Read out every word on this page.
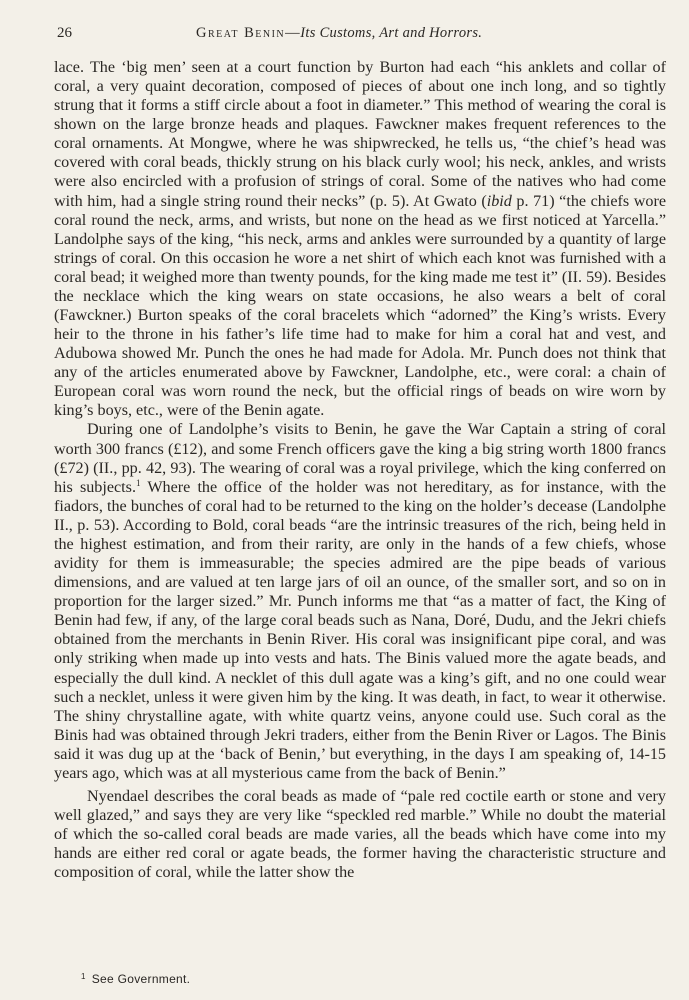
26	Great Benin—Its Customs, Art and Horrors.

lace. The ‘big men’ seen at a court function by Burton had each “his anklets and collar of coral, a very quaint decoration, composed of pieces of about one inch long, and so tightly strung that it forms a stiff circle about a foot in diameter.” This method of wearing the coral is shown on the large bronze heads and plaques. Fawckner makes frequent references to the coral ornaments. At Mongwe, where he was shipwrecked, he tells us, “the chief’s head was covered with coral beads, thickly strung on his black curly wool; his neck, ankles, and wrists were also encircled with a profusion of strings of coral. Some of the natives who had come with him, had a single string round their necks” (p. 5). At Gwato (ibid p. 71) “the chiefs wore coral round the neck, arms, and wrists, but none on the head as we first noticed at Yarcella.” Landolphe says of the king, “his neck, arms and ankles were surrounded by a quantity of large strings of coral. On this occasion he wore a net shirt of which each knot was furnished with a coral bead; it weighed more than twenty pounds, for the king made me test it” (II. 59). Besides the necklace which the king wears on state occasions, he also wears a belt of coral (Fawckner.) Burton speaks of the coral bracelets which “adorned” the King’s wrists. Every heir to the throne in his father’s life time had to make for him a coral hat and vest, and Adubowa showed Mr. Punch the ones he had made for Adola. Mr. Punch does not think that any of the articles enumerated above by Fawckner, Landolphe, etc., were coral: a chain of European coral was worn round the neck, but the official rings of beads on wire worn by king’s boys, etc., were of the Benin agate.

During one of Landolphe’s visits to Benin, he gave the War Captain a string of coral worth 300 francs (£12), and some French officers gave the king a big string worth 1800 francs (£72) (II., pp. 42, 93). The wearing of coral was a royal privilege, which the king conferred on his subjects.$^1$ Where the office of the holder was not hereditary, as for instance, with the fiadors, the bunches of coral had to be returned to the king on the holder’s decease (Landolphe II., p. 53). According to Bold, coral beads “are the intrinsic treasures of the rich, being held in the highest estimation, and from their rarity, are only in the hands of a few chiefs, whose avidity for them is immeasurable; the species admired are the pipe beads of various dimensions, and are valued at ten large jars of oil an ounce, of the smaller sort, and so on in proportion for the larger sized.” Mr. Punch informs me that “as a matter of fact, the King of Benin had few, if any, of the large coral beads such as Nana, Doré, Dudu, and the Jekri chiefs obtained from the merchants in Benin River. His coral was insignificant pipe coral, and was only striking when made up into vests and hats. The Binis valued more the agate beads, and especially the dull kind. A necklet of this dull agate was a king’s gift, and no one could wear such a necklet, unless it were given him by the king. It was death, in fact, to wear it otherwise. The shiny chrystalline agate, with white quartz veins, anyone could use. Such coral as the Binis had was obtained through Jekri traders, either from the Benin River or Lagos. The Binis said it was dug up at the ‘back of Benin,’ but everything, in the days I am speaking of, 14-15 years ago, which was at all mysterious came from the back of Benin.”

Nyendael describes the coral beads as made of “pale red coctile earth or stone and very well glazed,” and says they are very like “speckled red marble.” While no doubt the material of which the so-called coral beads are made varies, all the beads which have come into my hands are either red coral or agate beads, the former having the characteristic structure and composition of coral, while the latter show the

$^1$ See Government.
